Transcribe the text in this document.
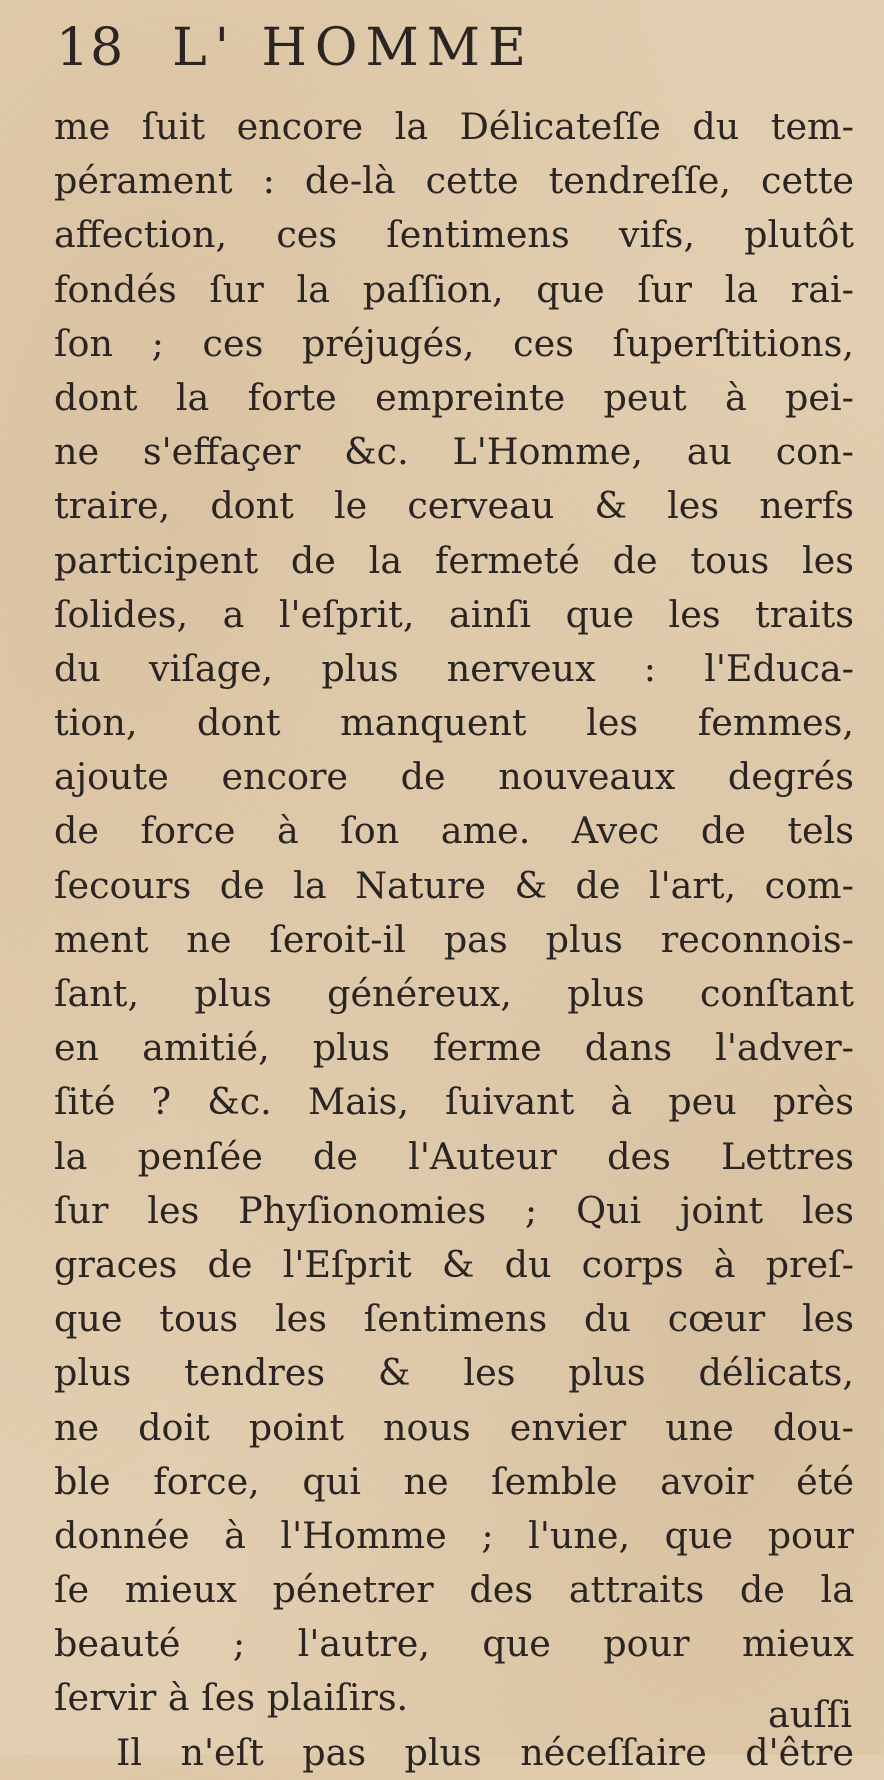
18 L' HOMME
me ſuit encore la Délicateſſe du tem-
pérament : de-là cette tendreſſe, cette
affection, ces ſentimens vifs, plutôt
fondés ſur la paſſion, que ſur la rai-
ſon ; ces préjugés, ces ſuperſtitions,
dont la forte empreinte peut à pei-
ne s'effaçer &c. L'Homme, au con-
traire, dont le cerveau & les nerfs
participent de la fermeté de tous les
ſolides, a l'eſprit, ainſi que les traits
du viſage, plus nerveux : l'Educa-
tion, dont manquent les femmes,
ajoute encore de nouveaux degrés
de force à ſon ame. Avec de tels
ſecours de la Nature & de l'art, com-
ment ne ſeroit-il pas plus reconnois-
ſant, plus généreux, plus conſtant
en amitié, plus ferme dans l'adver-
ſité ? &c. Mais, ſuivant à peu près
la penſée de l'Auteur des Lettres
ſur les Phyſionomies ; Qui joint les
graces de l'Eſprit & du corps à preſ-
que tous les ſentimens du cœur les
plus tendres & les plus délicats,
ne doit point nous envier une dou-
ble force, qui ne ſemble avoir été
donnée à l'Homme ; l'une, que pour
ſe mieux pénetrer des attraits de la
beauté ; l'autre, que pour mieux
ſervir à ſes plaiſirs.
Il n'eſt pas plus néceſſaire d'être
auſſi
